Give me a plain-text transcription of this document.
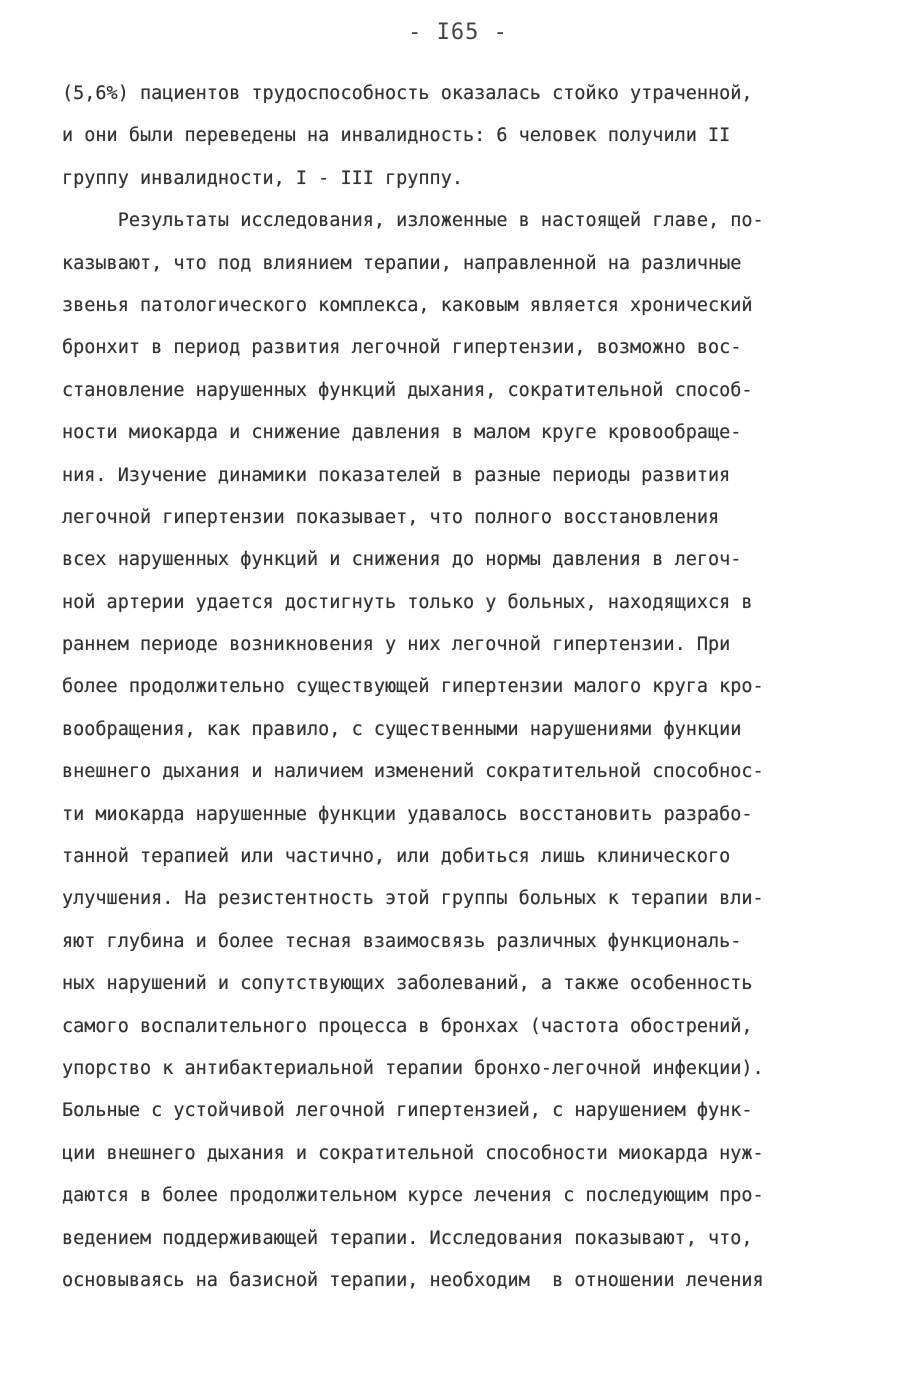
- I65 -
(5,6%) пациентов трудоспособность оказалась стойко утраченной,
и они были переведены на инвалидность: 6 человек получили II
группу инвалидности, I - III группу.
Результаты исследования, изложенные в настоящей главе, по-
казывают, что под влиянием терапии, направленной на различные
звенья патологического комплекса, каковым является хронический
бронхит в период развития легочной гипертензии, возможно вос-
становление нарушенных функций дыхания, сократительной способ-
ности миокарда и снижение давления в малом круге кровообраще-
ния. Изучение динамики показателей в разные периоды развития
легочной гипертензии показывает, что полного восстановления
всех нарушенных функций и снижения до нормы давления в легоч-
ной артерии удается достигнуть только у больных, находящихся в
раннем периоде возникновения у них легочной гипертензии. При
более продолжительно существующей гипертензии малого круга кро-
вообращения, как правило, с существенными нарушениями функции
внешнего дыхания и наличием изменений сократительной способнос-
ти миокарда нарушенные функции удавалось восстановить разрабо-
танной терапией или частично, или добиться лишь клинического
улучшения. На резистентность этой группы больных к терапии вли-
яют глубина и более тесная взаимосвязь различных функциональ-
ных нарушений и сопутствующих заболеваний, а также особенность
самого воспалительного процесса в бронхах (частота обострений,
упорство к антибактериальной терапии бронхо-легочной инфекции).
Больные с устойчивой легочной гипертензией, с нарушением функ-
ции внешнего дыхания и сократительной способности миокарда нуж-
даются в более продолжительном курсе лечения с последующим про-
ведением поддерживающей терапии. Исследования показывают, что,
основываясь на базисной терапии, необходим  в отношении лечения
